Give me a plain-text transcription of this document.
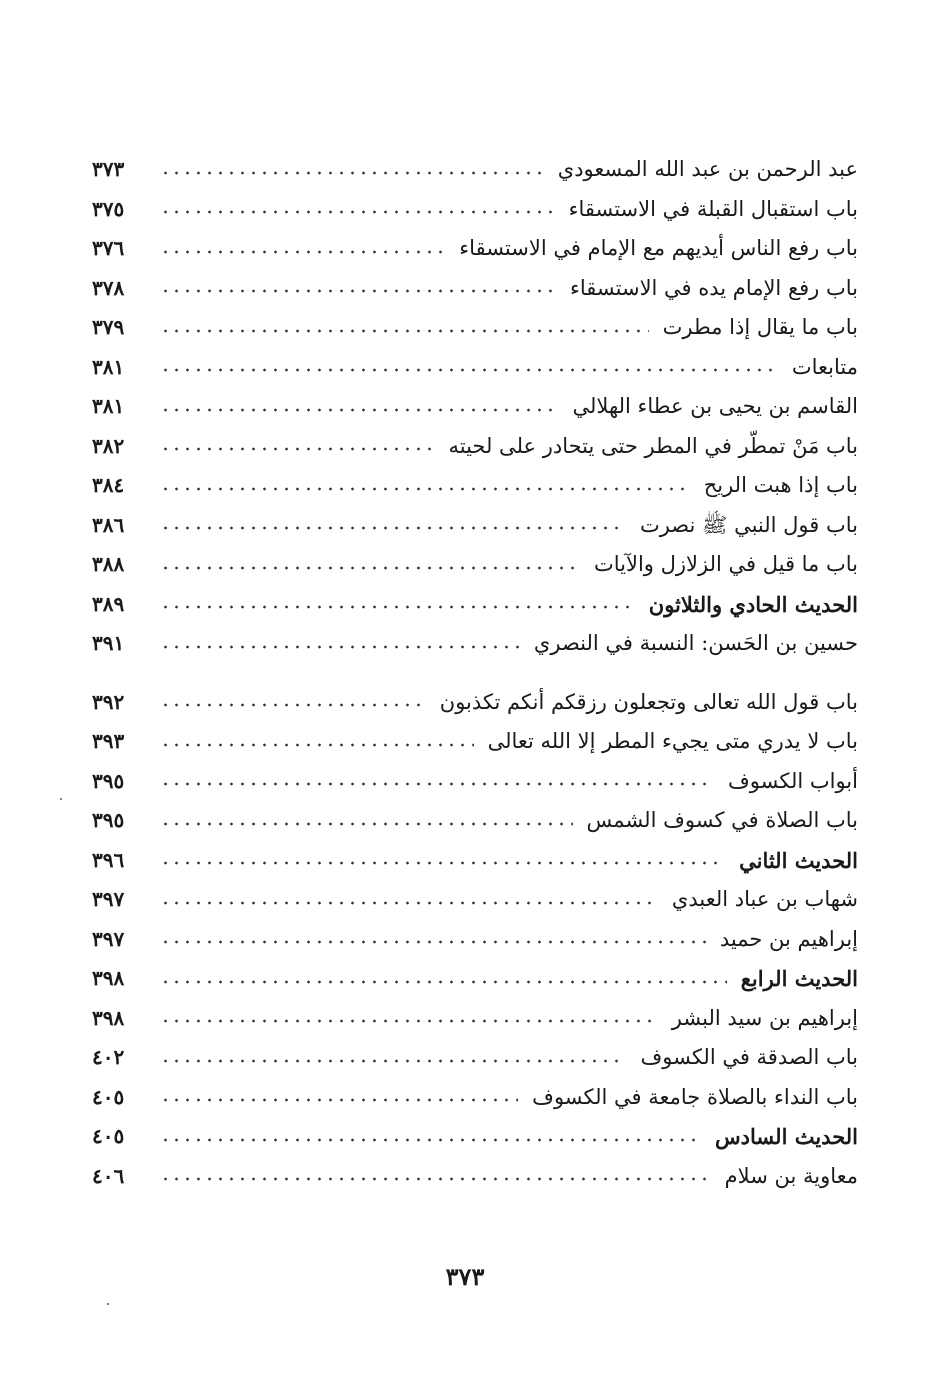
عبد الرحمن بن عبد الله المسعودي
٣٧٣
باب استقبال القبلة في الاستسقاء
٣٧٥
باب رفع الناس أيديهم مع الإمام في الاستسقاء
٣٧٦
باب رفع الإمام يده في الاستسقاء
٣٧٨
باب ما يقال إذا مطرت
٣٧٩
متابعات
٣٨١
القاسم بن يحيى بن عطاء الهلالي
٣٨١
باب مَنْ تمطّر في المطر حتى يتحادر على لحيته
٣٨٢
باب إذا هبت الريح
٣٨٤
باب قول النبي ﷺ نصرت
٣٨٦
باب ما قيل في الزلازل والآيات
٣٨٨
الحديث الحادي والثلاثون
٣٨٩
حسين بن الحَسن: النسبة في النصري
٣٩١
باب قول الله تعالى وتجعلون رزقكم أنكم تكذبون
٣٩٢
باب لا يدري متى يجيء المطر إلا الله تعالى
٣٩٣
أبواب الكسوف
٣٩٥
باب الصلاة في كسوف الشمس
٣٩٥
الحديث الثاني
٣٩٦
شهاب بن عباد العبدي
٣٩٧
إبراهيم بن حميد
٣٩٧
الحديث الرابع
٣٩٨
إبراهيم بن سيد البشر
٣٩٨
باب الصدقة في الكسوف
٤٠٢
باب النداء بالصلاة جامعة في الكسوف
٤٠٥
الحديث السادس
٤٠٥
معاوية بن سلام
٤٠٦
٣٧٣
